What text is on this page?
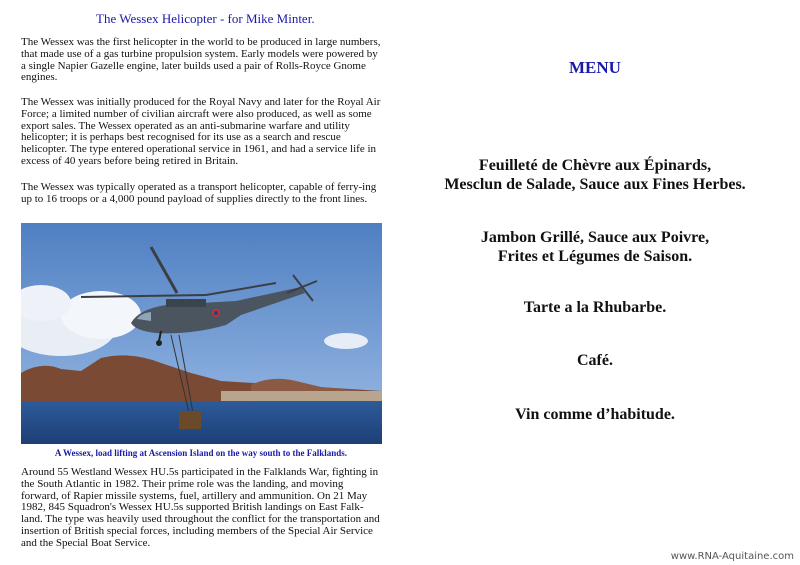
The Wessex Helicopter - for Mike Minter.

The Wessex was the first helicopter in the world to be produced in large numbers, that made use of a gas turbine propulsion system. Early models were powered by a single Napier Gazelle engine, later builds used a pair of Rolls-Royce Gnome engines.

The Wessex was initially produced for the Royal Navy and later for the Royal Air Force; a limited number of civilian aircraft were also produced, as well as some export sales. The Wessex operated as an anti-submarine warfare and utility helicopter; it is perhaps best recognised for its use as a search and rescue helicopter. The type entered operational service in 1961, and had a service life in excess of 40 years before being retired in Britain.

The Wessex was typically operated as a transport helicopter, capable of ferry-ing up to 16 troops or a 4,000 pound payload of supplies directly to the front lines.

A Wessex, load lifting at Ascension Island on the way south to the Falklands.

Around 55 Westland Wessex HU.5s participated in the Falklands War, fighting in the South Atlantic in 1982. Their prime role was the landing, and moving forward, of Rapier missile systems, fuel, artillery and ammunition. On 21 May 1982, 845 Squadron's Wessex HU.5s supported British landings on East Falk-land. The type was heavily used throughout the conflict for the transportation and insertion of British special forces, including members of the Special Air Service and the Special Boat Service.

MENU
Feuilleté de Chèvre aux Épinards,
Mesclun de Salade, Sauce aux Fines Herbes.
Jambon Grillé, Sauce aux Poivre,
Frites et Légumes de Saison.
Tarte a la Rhubarbe.
Café.
Vin comme d’habitude.
www.RNA-Aquitaine.com
